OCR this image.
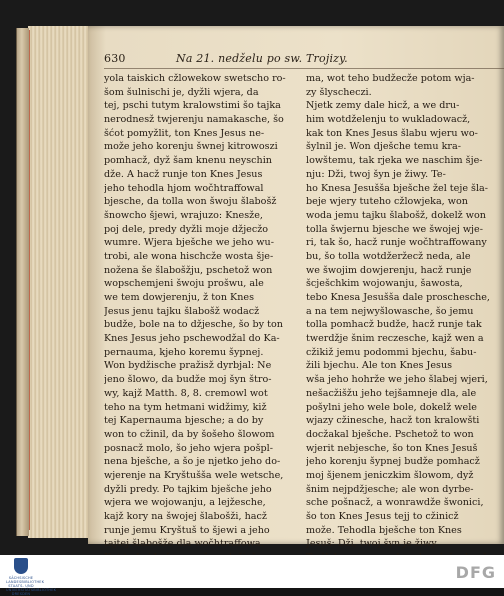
630	Na 21. nedželu po sw. Trojizy.
yola taiskich cžlowekow swetscho ro-
šom šulnischi je, dyžli wjera, da
tej, pschi tutym kralowstimi šo tajka
nerodnesž twjerenju namakasche, šo
šćot pomyžlit, ton Knes Jesus ne-
može jeho korenju šwnej kitrowoszi
pomhacž, dyž šam knenu neyschin
dže. A hacž runje ton Knes Jesus
jeho tehodla hjom wočhtraffowal
bjesche, da tolla won šwoju šlabošž
šnowcho šjewi, wrajuzo: Knesže,
poj dele, predy dyžli moje džjecžo
wumre. Wjera bješche we jeho wu-
trobi, ale wona hischcže wosta šje-
nožena še šlabošžju, pschetož won
wopschemjeni šwoju prošwu, ale
we tem dowjerenju, ž ton Knes
Jesus jenu tajku šlabošž wodacž
budže, bole na to džjesche, šo by ton
Knes Jesus jeho pschewodžal do Ka-
pernauma, kjeho koremu šypnej.
Won bydžische pražisž dyrbjal: Ne
jeno šlowo, da budže moj šyn štro-
wy, kajž Matth. 8, 8. cremowl wot
teho na tym hetmani widžimy, kiž
tej Kapernauma bjesche; a do by
won to cžinil, da by šošeho šlowom
posnacž molo, šo jeho wjera pošpl-
nena bješche, a šo je njetko jeho do-
wjerenje na Kryštušša wele wetsche,
dyžli predy. Po tajkim bješche jeho
wjera we wojowanju, a lejžesche,
kajž kory na šwojej šlabošži, hacž
runje jemu Kryštuš to šjewi a jeho
tajtej šlabošže dla wočhtraffowa.
ma, wot teho budžecže potom wja-
zy šlyscheczi.
Njetk zemy dale hicž, a we dru-
him wotdželenju to wukladowacž,
kak ton Knes Jesus šlabu wjeru wo-
šylnil je. Won dješche temu kra-
lowštemu, tak rjeka we naschim šje-
nju: Dži, twoj šyn je žiwy. Te-
ho Knesa Jesušša bješche žel teje šla-
beje wjery tuteho cžlowjeka, won
woda jemu tajku šlabošž, dokelž won
tolla šwjernu bjesche we šwojej wje-
ri, tak šo, hacž runje wočhtraffowany
bu, šo tolla wotdžeržecž neda, ale
we šwojim dowjerenju, hacž runje
šcješchkim wojowanju, šawosta,
tebo Knesa Jesušša dale proschesche,
a na tem nejwyšlowasche, šo jemu
tolla pomhacž budže, hacž runje tak
twerdžje šnim reczesche, kajž wen a
cžikiž jemu podommi bjechu, šabu-
žili bjechu. Ale ton Knes Jesus
wša jeho hohrže we jeho šlabej wjeri,
nešacžišžu jeho tejšamneje dla, ale
pošylni jeho wele bole, dokelž wele
wjazy cžinesche, hacž ton kralowšti
docžakal bješche. Pschetož to won
wjerit nebjesche, šo ton Knes Jesuš
jeho korenju šypnej budže pomhacž
moj šjenem jeniczkim šlowom, dyž
šnim nejpdžjesche; ale won dyrbe-
sche pošnacž, a wonrawdže šwonici,
šo ton Knes Jesus tejj to cžinicž
može. Tehodla bješche ton Knes
Jesuš: Dži, twoj šyn je žiwy.
SÄCHSISCHE LANDESBIBLIOTHEK STAATS- UND UNIVERSITÄTSBIBLIOTHEK DRESDEN
DFG
